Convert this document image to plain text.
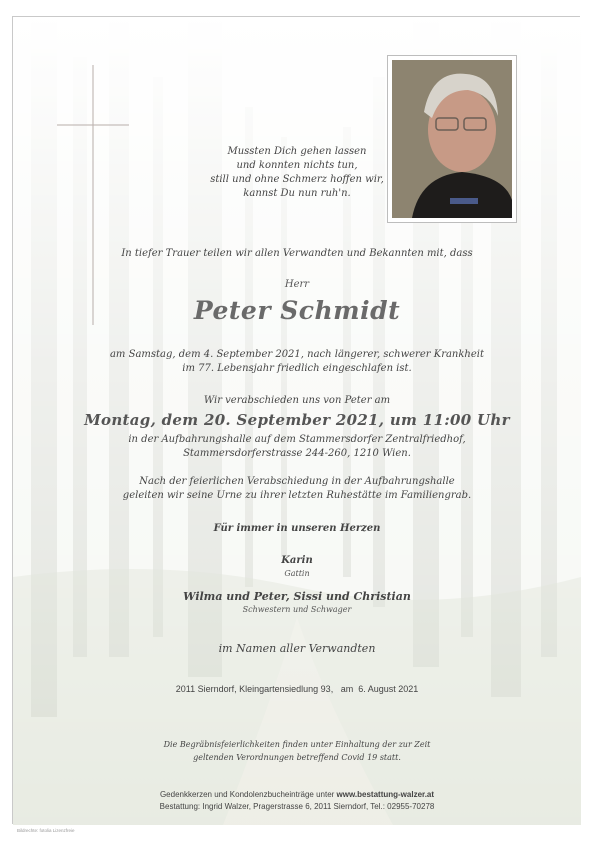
Mussten Dich gehen lassen
und konnten nichts tun,
still und ohne Schmerz hoffen wir,
kannst Du nun ruh'n.
In tiefer Trauer teilen wir allen Verwandten und Bekannten mit, dass
Herr
Peter Schmidt
am Samstag, dem 4. September 2021, nach längerer, schwerer Krankheit
im 77. Lebensjahr friedlich eingeschlafen ist.
Wir verabschieden uns von Peter am
Montag, dem 20. September 2021, um 11:00 Uhr
in der Aufbahrungshalle auf dem Stammersdorfer Zentralfriedhof,
Stammersdorferstrasse 244-260, 1210 Wien.
Nach der feierlichen Verabschiedung in der Aufbahrungshalle
geleiten wir seine Urne zu ihrer letzten Ruhestätte im Familiengrab.
Für immer in unseren Herzen
Karin
Gattin
Wilma und Peter, Sissi und Christian
Schwestern und Schwager
im Namen aller Verwandten
2011 Sierndorf, Kleingartensiedlung 93,   am  6. August 2021
Die Begräbnisfeierlichkeiten finden unter Einhaltung der zur Zeit
geltenden Verordnungen betreffend Covid 19 statt.
Gedenkkerzen und Kondolenzbucheinträge unter www.bestattung-walzer.at
Bestattung: Ingrid Walzer, Pragerstrasse 6, 2011 Sierndorf, Tel.: 02955-70278
Bildrechte: fotolia Lizenzfreie
